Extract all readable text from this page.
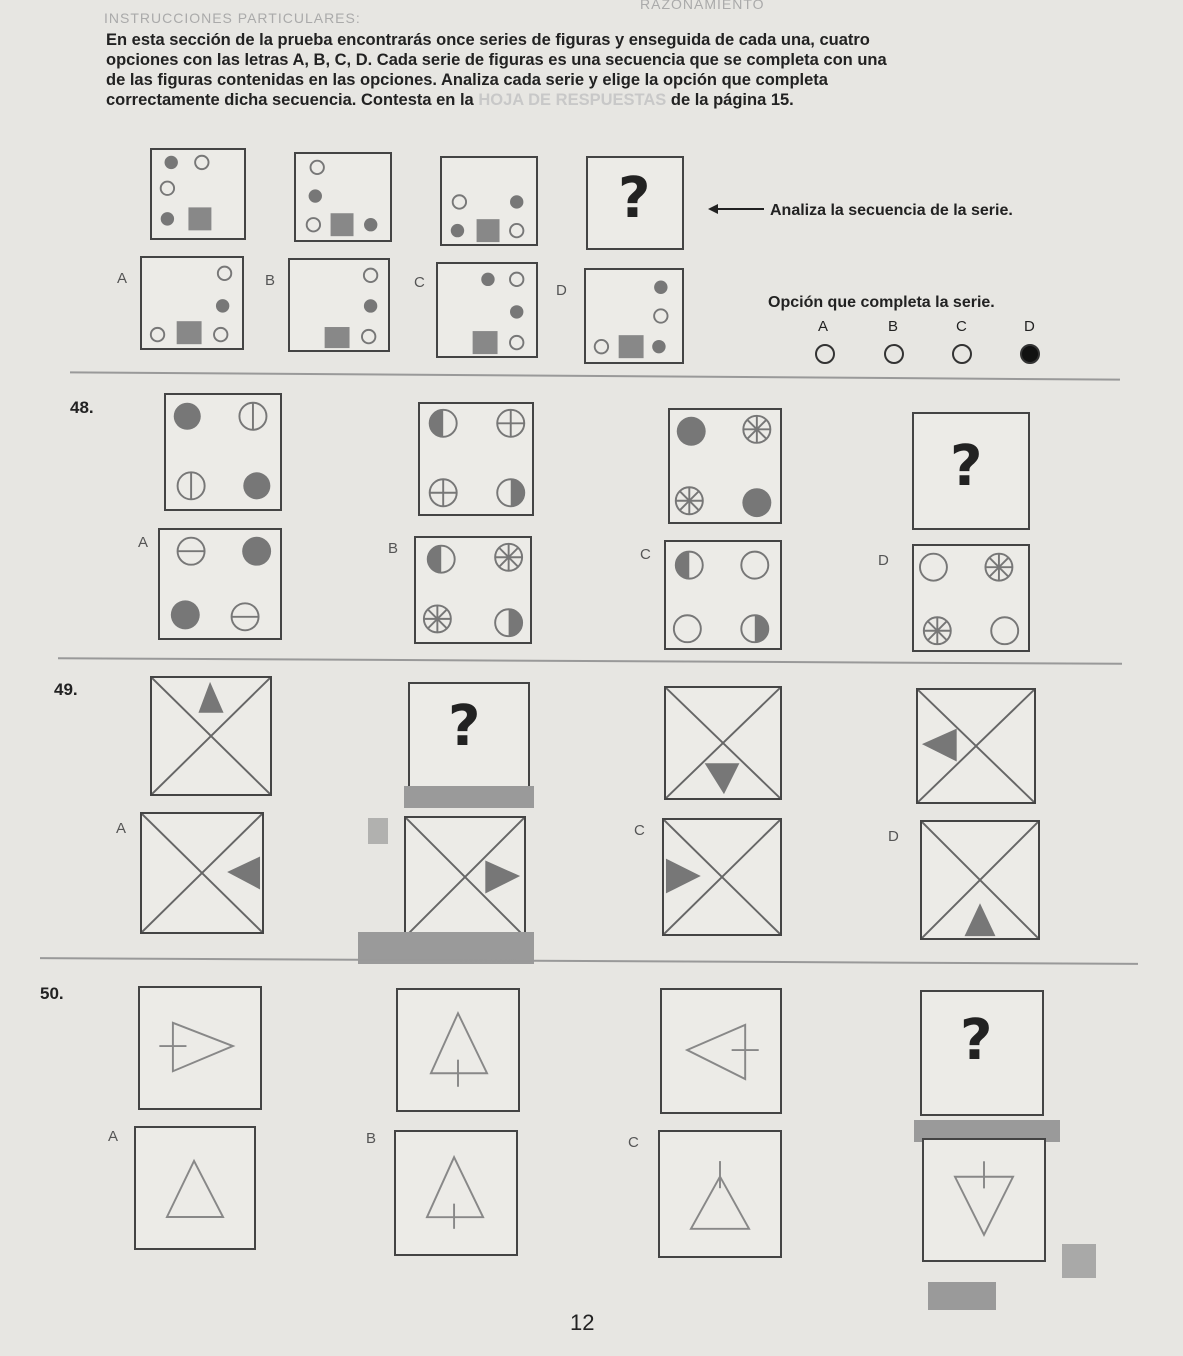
RAZONAMIENTO
INSTRUCCIONES PARTICULARES:
En esta sección de la prueba encontrarás once series de figuras y enseguida de cada una, cuatro
opciones con las letras A, B, C, D. Cada serie de figuras es una secuencia que se completa con una
de las figuras contenidas en las opciones. Analiza cada serie y elige la opción que completa
correctamente dicha secuencia. Contesta en la HOJA DE RESPUESTAS de la página 15.
?	Analiza la secuencia de la serie.
A	B	C	D
Opción que completa la serie.
A	B	C	D
48.
?
A	B	C	D
49.
?
A	C	D
50.
?
A	B	C
12
